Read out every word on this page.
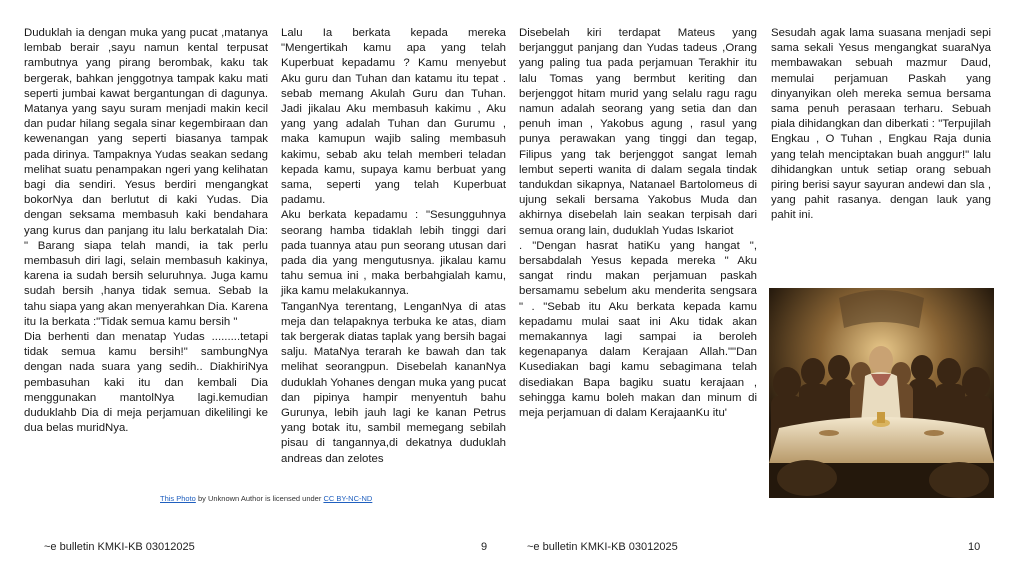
Duduklah ia dengan muka yang pucat ,matanya lembab berair ,sayu namun kental terpusat rambutnya yang pirang berombak, kaku tak bergerak, bahkan jenggotnya tampak kaku mati seperti jumbai kawat bergantungan di dagunya. Matanya yang sayu suram menjadi makin kecil dan pudar hilang segala sinar kegembiraan dan kewenangan yang seperti biasanya tampak pada dirinya. Tampaknya Yudas seakan sedang melihat suatu penampakan ngeri yang kelihatan bagi dia sendiri. Yesus berdiri mengangkat bokorNya dan berlutut di kaki Yudas. Dia dengan seksama membasuh kaki bendahara yang kurus dan panjang itu lalu berkatalah Dia: " Barang siapa telah mandi, ia tak perlu membasuh diri lagi, selain membasuh kakinya, karena ia sudah bersih seluruhnya. Juga kamu sudah bersih ,hanya tidak semua. Sebab Ia tahu siapa yang akan menyerahkan Dia. Karena itu Ia berkata :"Tidak semua kamu bersih "
Dia berhenti dan menatap Yudas .........tetapi tidak semua kamu bersih!" sambungNya dengan nada suara yang sedih.. DiakhiriNya pembasuhan kaki itu dan kembali Dia menggunakan mantolNya lagi.kemudian duduklahb Dia di meja perjamuan dikelilingi ke dua belas muridNya.

Lalu Ia berkata kepada mereka "Mengertikah kamu apa yang telah Kuperbuat kepadamu ? Kamu menyebut Aku guru dan Tuhan dan katamu itu tepat . sebab memang Akulah Guru dan Tuhan. Jadi jikalau Aku membasuh kakimu , Aku yang yang adalah Tuhan dan Gurumu , maka kamupun wajib saling membasuh kakimu, sebab aku telah memberi teladan kepada kamu, supaya kamu berbuat yang sama, seperti yang telah Kuperbuat padamu.
Aku berkata kepadamu : "Sesungguhnya seorang hamba tidaklah lebih tinggi dari pada tuannya atau pun seorang utusan dari pada dia yang mengutusnya. jikalau kamu tahu semua ini , maka berbahgialah kamu, jika kamu melakukannya.
TanganNya terentang, LenganNya di atas meja dan telapaknya terbuka ke atas, diam tak bergerak diatas taplak yang bersih bagai salju. MataNya terarah ke bawah dan tak melihat seorangpun. Disebelah kananNya duduklah Yohanes dengan muka yang pucat dan pipinya hampir menyentuh bahu Gurunya, lebih jauh lagi ke kanan Petrus yang botak itu, sambil memegang sebilah pisau di tangannya,di dekatnya duduklah andreas dan zelotes

Disebelah kiri terdapat Mateus yang berjanggut panjang dan Yudas tadeus ,Orang yang paling tua pada perjamuan Terakhir itu lalu Tomas yang bermbut keriting dan berjenggot hitam murid yang selalu ragu ragu namun adalah seorang yang setia dan dan penuh iman , Yakobus agung , rasul yang punya perawakan yang tinggi dan tegap, Filipus yang tak berjenggot sangat lemah lembut seperti wanita di dalam segala tindak tandukdan sikapnya, Natanael Bartolomeus di ujung sekali bersama Yakobus Muda dan akhirnya disebelah lain seakan terpisah dari semua orang lain, duduklah Yudas Iskariot
. "Dengan hasrat hatiKu yang hangat ", bersabdalah Yesus kepada mereka " Aku sangat rindu makan perjamuan paskah bersamamu sebelum aku menderita sengsara " . "Sebab itu Aku berkata kepada kamu kepadamu mulai saat ini Aku tidak akan memakannya lagi sampai ia beroleh kegenapanya dalam Kerajaan Allah.""Dan Kusediakan bagi kamu sebagimana telah disediakan Bapa bagiku suatu kerajaan , sehingga kamu boleh makan dan minum di meja perjamuan di dalam KerajaanKu itu'

Sesudah agak lama suasana menjadi sepi sama sekali Yesus mengangkat suaraNya membawakan sebuah mazmur Daud, memulai perjamuan Paskah yang dinyanyikan oleh mereka semua bersama sama penuh perasaan terharu. Sebuah piala dihidangkan dan diberkati : "Terpujilah Engkau , O Tuhan , Engkau Raja dunia yang telah menciptakan buah anggur!" lalu dihidangkan untuk setiap orang sebuah piring berisi sayur sayuran andewi dan sla , yang pahit rasanya. dengan lauk yang pahit ini.

This Photo by Unknown Author is licensed under CC BY-NC-ND
~e bulletin KMKI-KB 03012025	9	~e bulletin KMKI-KB 03012025	10
